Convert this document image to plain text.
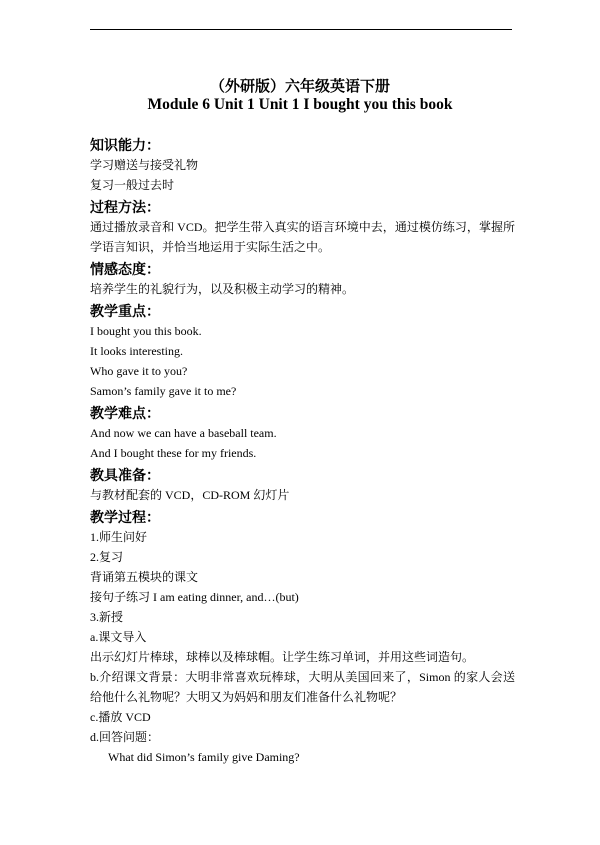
（外研版）六年级英语下册
Module 6 Unit 1 Unit 1 I bought you this book
知识能力：
学习赠送与接受礼物
复习一般过去时
过程方法：
通过播放录音和 VCD。把学生带入真实的语言环境中去，通过模仿练习，掌握所学语言知识，并恰当地运用于实际生活之中。
情感态度：
培养学生的礼貌行为，以及积极主动学习的精神。
教学重点：
I bought you this book.
It looks interesting.
Who gave it to you?
Samon’s family gave it to me?
教学难点：
And now we can have a baseball team.
And I bought these for my friends.
教具准备：
与教材配套的 VCD，CD-ROM 幻灯片
教学过程：
1.师生问好
2.复习
背诵第五模块的课文
接句子练习 I am eating dinner, and…(but)
3.新授
a.课文导入
出示幻灯片棒球，球棒以及棒球帽。让学生练习单词，并用这些词造句。
b.介绍课文背景：大明非常喜欢玩棒球，大明从美国回来了，Simon 的家人会送给他什么礼物呢？大明又为妈妈和朋友们准备什么礼物呢？
c.播放 VCD
d.回答问题：
What did Simon’s family give Daming?
